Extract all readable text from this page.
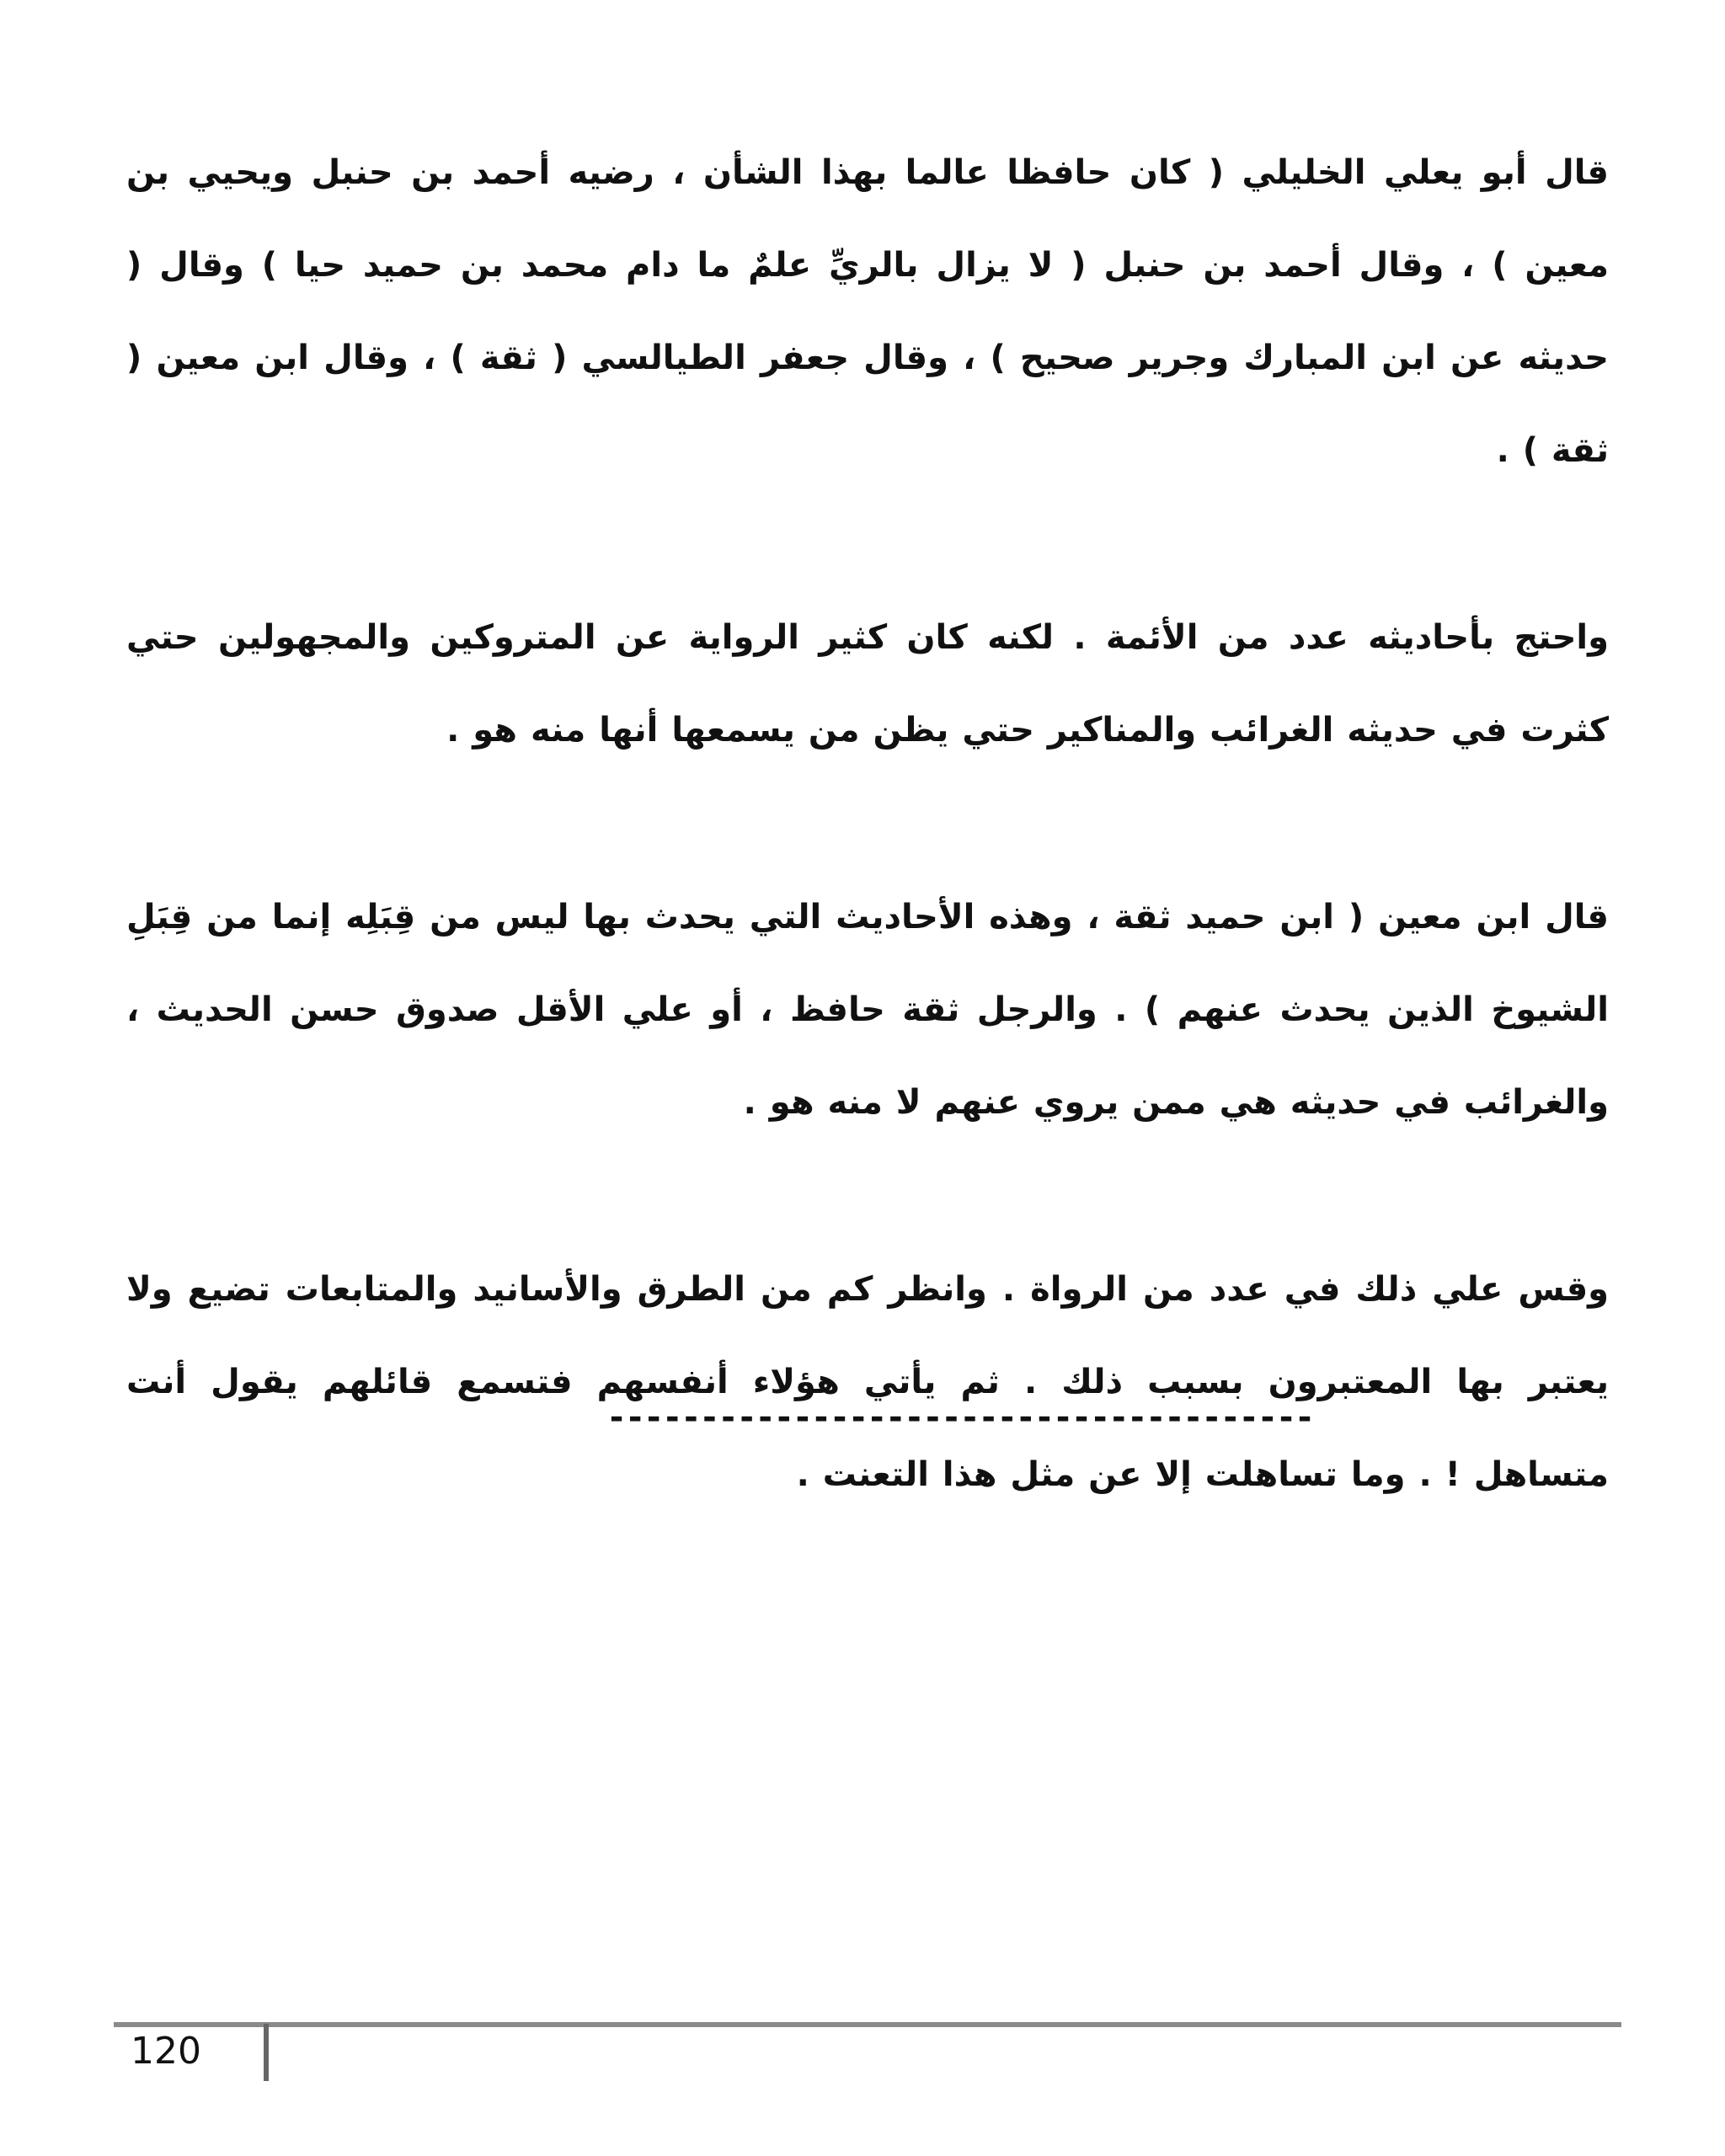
قال أبو يعلي الخليلي ( كان حافظا عالما بهذا الشأن ، رضيه أحمد بن حنبل ويحيي بن معين ) ، وقال أحمد بن حنبل ( لا يزال بالريِّ علمٌ ما دام محمد بن حميد حيا ) وقال ( حديثه عن ابن المبارك وجرير صحيح ) ، وقال جعفر الطيالسي ( ثقة ) ، وقال ابن معين ( ثقة ) .

واحتج بأحاديثه عدد من الأئمة . لكنه كان كثير الرواية عن المتروكين والمجهولين حتي كثرت في حديثه الغرائب والمناكير حتي يظن من يسمعها أنها منه هو .

قال ابن معين ( ابن حميد ثقة ، وهذه الأحاديث التي يحدث بها ليس من قِبَلِه إنما من قِبَلِ الشيوخ الذين يحدث عنهم ) . والرجل ثقة حافظ ، أو علي الأقل صدوق حسن الحديث ، والغرائب في حديثه هي ممن يروي عنهم لا منه هو .

وقس علي ذلك في عدد من الرواة . وانظر كم من الطرق والأسانيد والمتابعات تضيع ولا يعتبر بها المعتبرون بسبب ذلك . ثم يأتي هؤلاء أنفسهم فتسمع قائلهم يقول أنت متساهل ! . وما تساهلت إلا عن مثل هذا التعنت .

--------------------------------------
120
